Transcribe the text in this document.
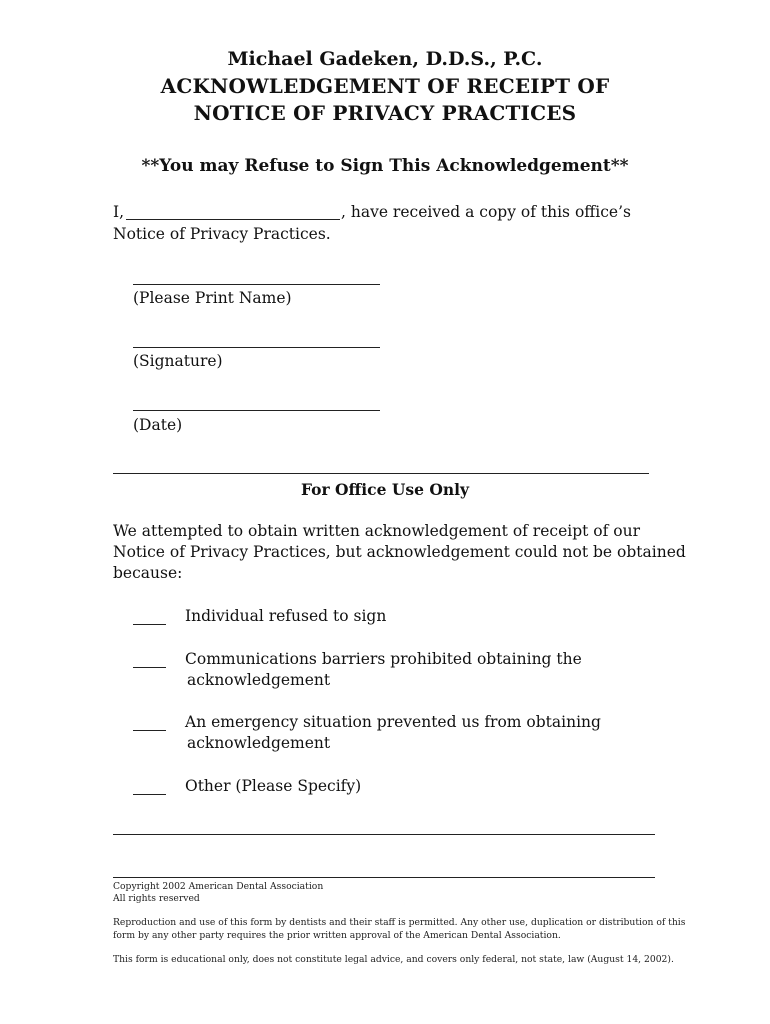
Michael Gadeken, D.D.S., P.C.
ACKNOWLEDGEMENT OF RECEIPT OF
NOTICE OF PRIVACY PRACTICES
**You may Refuse to Sign This Acknowledgement**
I,	, have received a copy of this office’s
Notice of Privacy Practices.
(Please Print Name)
(Signature)
(Date)
For Office Use Only
We attempted to obtain written acknowledgement of receipt of our
Notice of Privacy Practices, but acknowledgement could not be obtained
because:
Individual refused to sign
Communications barriers prohibited obtaining the
acknowledgement
An emergency situation prevented us from obtaining
acknowledgement
Other (Please Specify)
Copyright 2002 American Dental Association
All rights reserved
Reproduction and use of this form by dentists and their staff is permitted. Any other use, duplication or distribution of this
form by any other party requires the prior written approval of the American Dental Association.
This form is educational only, does not constitute legal advice, and covers only federal, not state, law (August 14, 2002).
